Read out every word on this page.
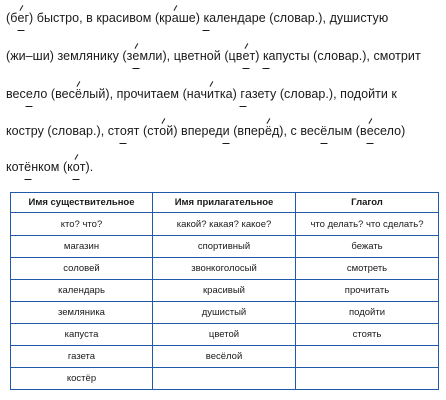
(бег) быстро, в красивом (краше) календаре (словар.), душистую
(жи–ши) землянику (земли), цветной (цвет) капусты (словар.), смотрит
весело (весёлый), прочитаем (начитка) газету (словар.), подойти к
костру (словар.), стоят (стой) впереди (вперёд), с весёлым (весело)
котёнком (кот).
Имя существительное	Имя прилагательное	Глагол
кто? что?	какой? какая? какое?	что делать? что сделать?
магазин	спортивный	бежать
соловей	звонкоголосый	смотреть
календарь	красивый	прочитать
земляника	душистый	подойти
капуста	цветой	стоять
газета	весёлой	
костёр		
